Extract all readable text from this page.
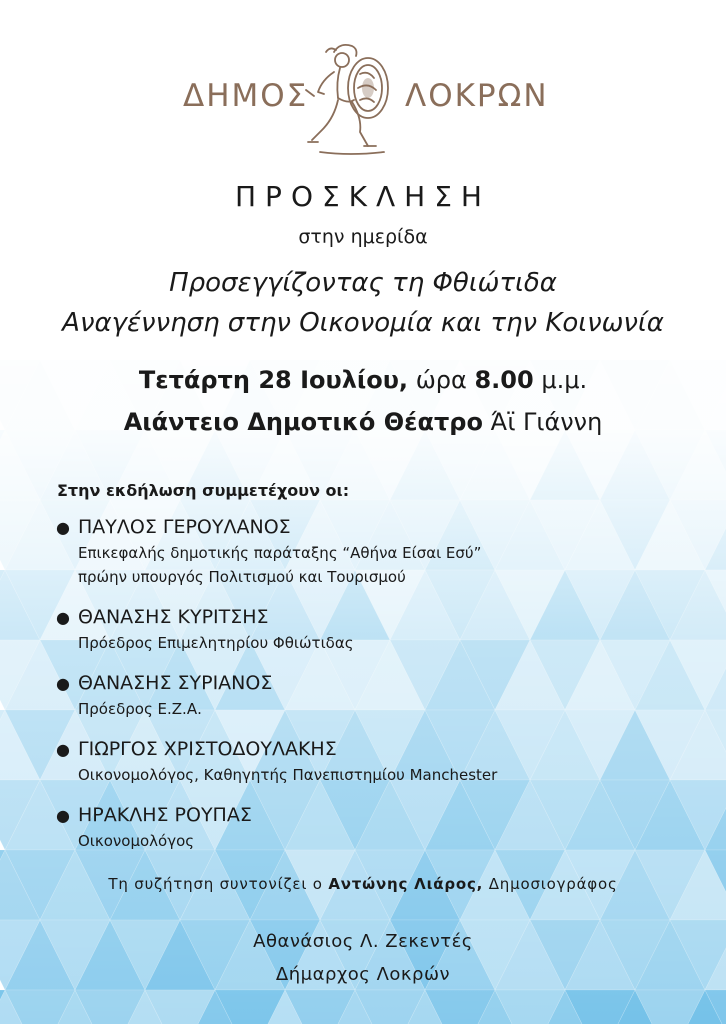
ΔΗΜΟΣ	ΛΟΚΡΩΝ
ΠΡΟΣΚΛΗΣΗ
στην ημερίδα
Προσεγγίζοντας τη Φθιώτιδα
Αναγέννηση στην Οικονομία και την Κοινωνία
Τετάρτη 28 Ιουλίου, ώρα 8.00 μ.μ.
Αιάντειο Δημοτικό Θέατρο Άϊ Γιάννη
Στην εκδήλωση συμμετέχουν οι:
● ΠΑΥΛΟΣ ΓΕΡΟΥΛΑΝΟΣ
Επικεφαλής δημοτικής παράταξης “Αθήνα Είσαι Εσύ”
πρώην υπουργός Πολιτισμού και Τουρισμού
● ΘΑΝΑΣΗΣ ΚΥΡΙΤΣΗΣ
Πρόεδρος Επιμελητηρίου Φθιώτιδας
● ΘΑΝΑΣΗΣ ΣΥΡΙΑΝΟΣ
Πρόεδρος Ε.Ζ.Α.
● ΓΙΩΡΓΟΣ ΧΡΙΣΤΟΔΟΥΛΑΚΗΣ
Οικονομολόγος, Καθηγητής Πανεπιστημίου Manchester
● ΗΡΑΚΛΗΣ ΡΟΥΠΑΣ
Οικονομολόγος
Τη συζήτηση συντονίζει ο Αντώνης Λιάρος, Δημοσιογράφος
Αθανάσιος Λ. Ζεκεντές
Δήμαρχος Λοκρών
